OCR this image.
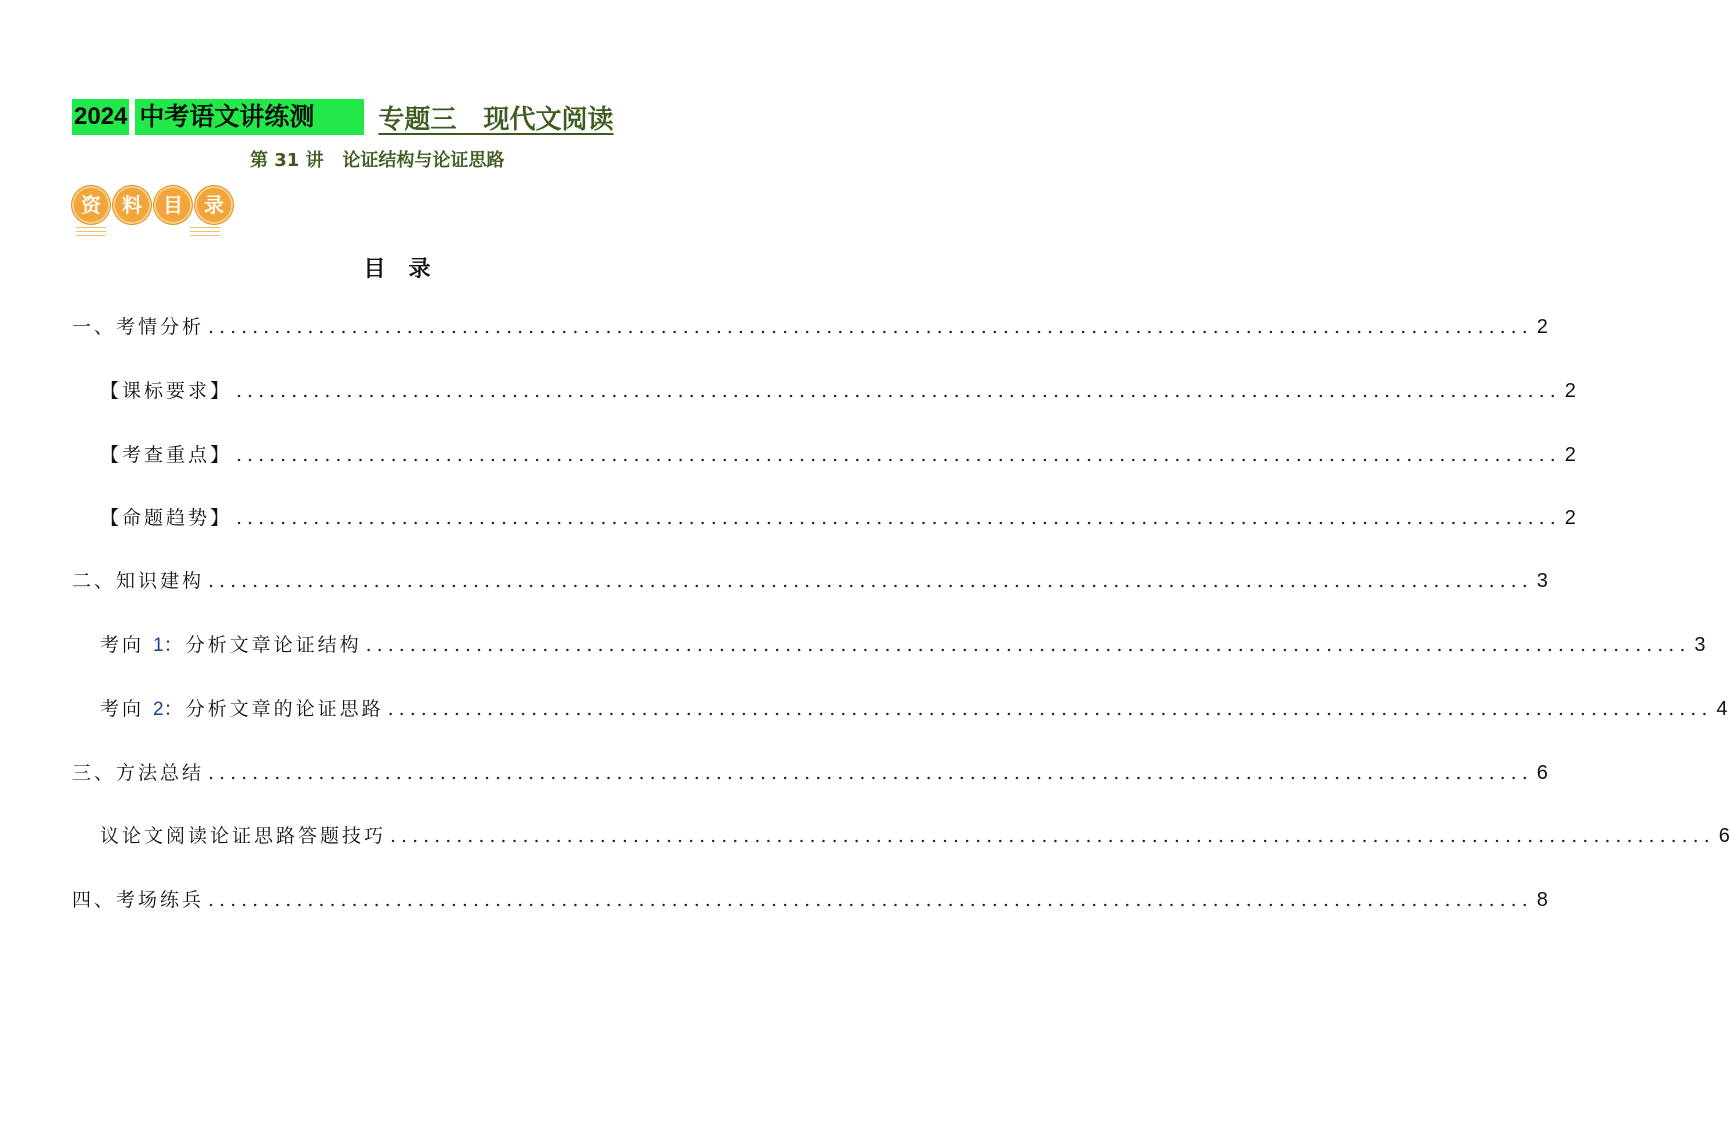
2024 中考语文讲练测	专题三   现代文阅读
第 31 讲   论证结构与论证思路
资	料	目	录
目   录
一、考情分析 ........................................................................................................................ 2
【课标要求】 ........................................................................................................................ 2
【考查重点】 ........................................................................................................................ 2
【命题趋势】 ........................................................................................................................ 2
二、知识建构 ........................................................................................................................ 3
考向 1：分析文章论证结构 ........................................................................................................................ 3
考向 2：分析文章的论证思路 ........................................................................................................................ 4
三、方法总结 ........................................................................................................................ 6
议论文阅读论证思路答题技巧 ........................................................................................................................ 6
四、考场练兵 ........................................................................................................................ 8
